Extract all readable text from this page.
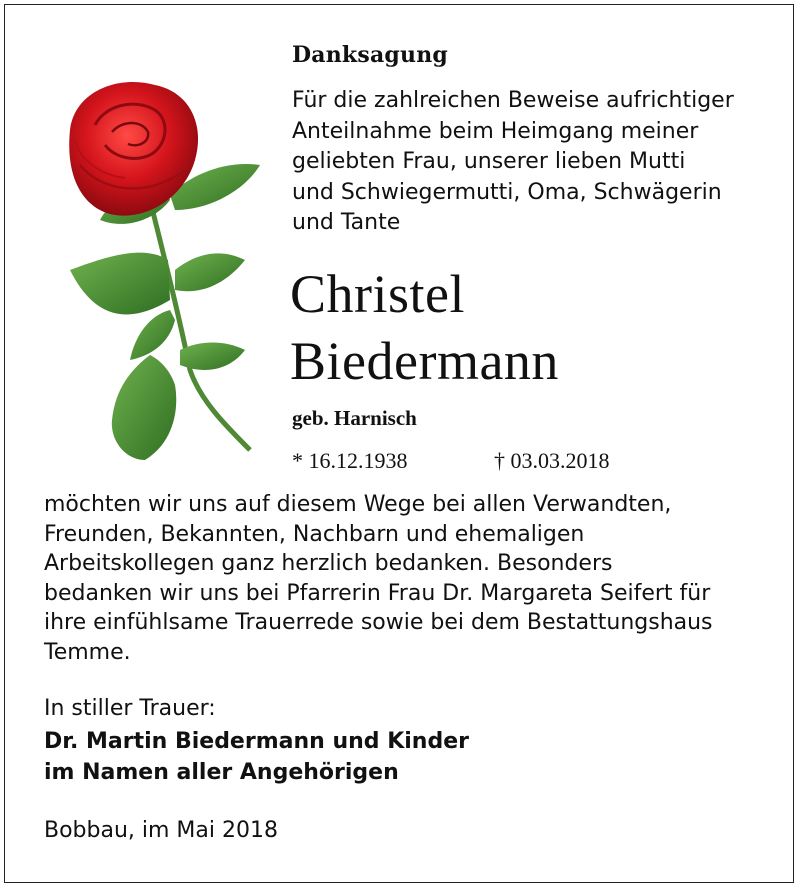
Danksagung
Für die zahlreichen Beweise aufrichtiger
Anteilnahme beim Heimgang meiner
geliebten Frau, unserer lieben Mutti
und Schwiegermutti, Oma, Schwägerin
und Tante
Christel
Biedermann
geb. Harnisch
* 16.12.1938	† 03.03.2018
möchten wir uns auf diesem Wege bei allen Verwandten,
Freunden, Bekannten, Nachbarn und ehemaligen
Arbeitskollegen ganz herzlich bedanken. Besonders
bedanken wir uns bei Pfarrerin Frau Dr. Margareta Seifert für
ihre einfühlsame Trauerrede sowie bei dem Bestattungshaus
Temme.
In stiller Trauer:
Dr. Martin Biedermann und Kinder
im Namen aller Angehörigen
Bobbau, im Mai 2018
